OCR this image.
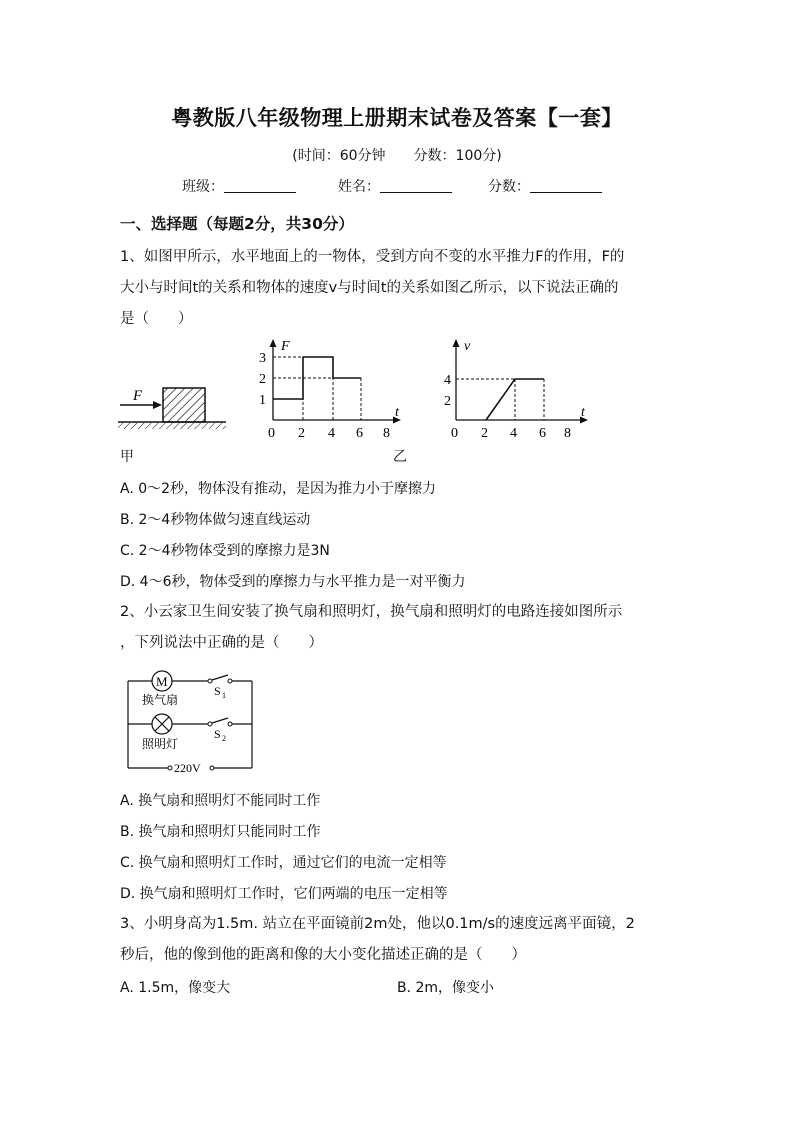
粤教版八年级物理上册期末试卷及答案【一套】
(时间：60分钟　　分数：100分)
班级：	姓名：	分数：
一、选择题（每题2分，共30分）
1、如图甲所示，水平地面上的一物体，受到方向不变的水平推力F的作用，F的
大小与时间t的关系和物体的速度v与时间t的关系如图乙所示，以下说法正确的
是（　　）
F
F
t
3
2
1
0 2 4 6 8
v
t
4
2
0 2 4 6 8
甲	乙
A. 0～2秒，物体没有推动，是因为推力小于摩擦力
B. 2～4秒物体做匀速直线运动
C. 2～4秒物体受到的摩擦力是3N
D. 4～6秒，物体受到的摩擦力与水平推力是一对平衡力
2、小云家卫生间安装了换气扇和照明灯，换气扇和照明灯的电路连接如图所示
，下列说法中正确的是（　　）
M
S 1
换气扇
S 2
照明灯
220V
A. 换气扇和照明灯不能同时工作
B. 换气扇和照明灯只能同时工作
C. 换气扇和照明灯工作时，通过它们的电流一定相等
D. 换气扇和照明灯工作时，它们两端的电压一定相等
3、小明身高为1.5m. 站立在平面镜前2m处，他以0.1m/s的速度远离平面镜，2
秒后，他的像到他的距离和像的大小变化描述正确的是（　　）
A. 1.5m，像变大	B. 2m，像变小
